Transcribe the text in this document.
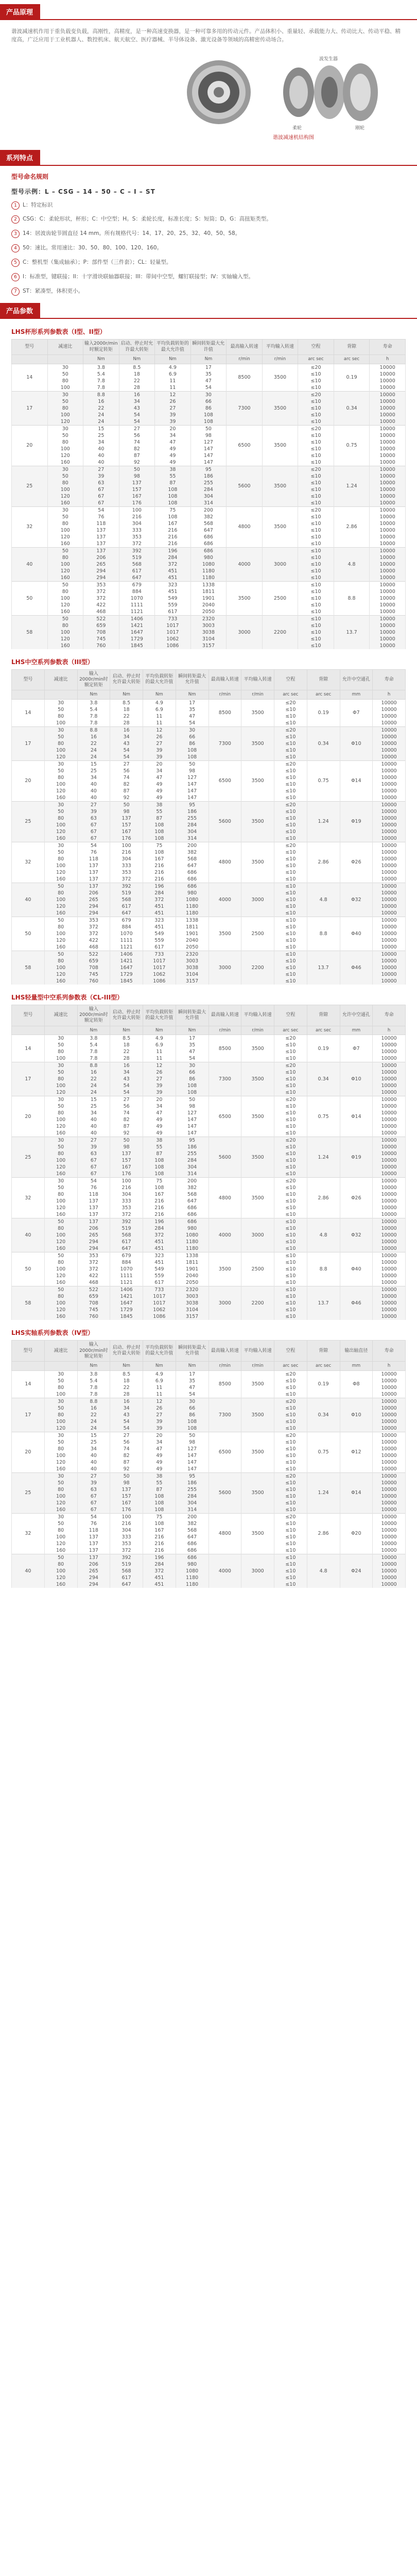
产品原理
谐波减速机作用于重负载变负载，高刚性，高精度，是一种高速变换器，是一种可靠多用的传动元件。产品体积小、重量轻、承载能力大、传动比大、传动平稳、精度高，广泛应用于工业机器人、数控机床、航天航空、医疗器械、半导体设备、激光设备等领域的高精密传动场合。
柔轮
波发生器
刚轮
谐波减速机结构图
系列特点
型号命名规则
型号示例：L – CSG – 14 – 50 – C – I – ST
1 L：特定标识
2 CSG：C：柔轮形状，杯形；C：中空型；H。S：柔轮长度，标准长度；S：短筒；D。G：高扭矩类型。
3 14：居波齿轮节圆直径 14 mm。所有规格代号：14、17、20、25、32、40、50、58。
4 50：速比。常用速比：30、50、80、100、120、160。
5 C：整机型（集成轴承）；P：部件型（三件套）；CL：轻量型。
6 I：标准型，键联接；II：十字滑块联轴器联接；III：带间中空型，螺钉联接型；IV：实轴输入型。
7 ST：紧凑型，体积更小。
产品参数
LHS杯形系列参数表（I型、II型）
型号	减速比	输入2000r/min时额定转矩	启动、停止时允许最大转矩	平均负载转矩的最大允许值	瞬间转矩最大允许值	最高输入转速	平均输入转速	空程	背隙	寿命
		Nm	Nm	Nm	Nm	r/min	r/min	arc sec	arc sec	h
14	30	3.8	8.5	4.9	17	8500	3500	≤20	0.19	10000
	50	5.4	18	6.9	35			≤10		10000
	80	7.8	22	11	47			≤10		10000
	100	7.8	28	11	54			≤10		10000
17	30	8.8	16	12	30	7300	3500	≤20	0.34	10000
	50	16	34	26	66			≤10		10000
	80	22	43	27	86			≤10		10000
	100	24	54	39	108			≤10		10000
	120	24	54	39	108			≤10		10000
20	30	15	27	20	50	6500	3500	≤20	0.75	10000
	50	25	56	34	98			≤10		10000
	80	34	74	47	127			≤10		10000
	100	40	82	49	147			≤10		10000
	120	40	87	49	147			≤10		10000
	160	40	92	49	147			≤10		10000
25	30	27	50	38	95	5600	3500	≤20	1.24	10000
	50	39	98	55	186			≤10		10000
	80	63	137	87	255			≤10		10000
	100	67	157	108	284			≤10		10000
	120	67	167	108	304			≤10		10000
	160	67	176	108	314			≤10		10000
32	30	54	100	75	200	4800	3500	≤20	2.86	10000
	50	76	216	108	382			≤10		10000
	80	118	304	167	568			≤10		10000
	100	137	333	216	647			≤10		10000
	120	137	353	216	686			≤10		10000
	160	137	372	216	686			≤10		10000
40	50	137	392	196	686	4000	3000	≤10	4.8	10000
	80	206	519	284	980			≤10		10000
	100	265	568	372	1080			≤10		10000
	120	294	617	451	1180			≤10		10000
	160	294	647	451	1180			≤10		10000
50	50	353	679	323	1338	3500	2500	≤10	8.8	10000
	80	372	884	451	1811			≤10		10000
	100	372	1070	549	1901			≤10		10000
	120	422	1111	559	2040			≤10		10000
	160	468	1121	617	2050			≤10		10000
58	50	522	1406	733	2320	3000	2200	≤10	13.7	10000
	80	659	1421	1017	3003			≤10		10000
	100	708	1647	1017	3038			≤10		10000
	120	745	1729	1062	3104			≤10		10000
	160	760	1845	1086	3157			≤10		10000
LHS中空系列参数表（III型）
型号	减速比	输入2000r/min时额定转矩	启动、停止时允许最大转矩	平均负载转矩的最大允许值	瞬间转矩最大允许值	最高输入转速	平均输入转速	空程	背隙	允许中空通孔	寿命
		Nm	Nm	Nm	Nm	r/min	r/min	arc sec	arc sec	mm	h
14	30	3.8	8.5	4.9	17	8500	3500	≤20	0.19	Φ7	10000
	50	5.4	18	6.9	35			≤10			10000
	80	7.8	22	11	47			≤10			10000
	100	7.8	28	11	54			≤10			10000
17	30	8.8	16	12	30	7300	3500	≤20	0.34	Φ10	10000
	50	16	34	26	66			≤10			10000
	80	22	43	27	86			≤10			10000
	100	24	54	39	108			≤10			10000
	120	24	54	39	108			≤10			10000
20	30	15	27	20	50	6500	3500	≤20	0.75	Φ14	10000
	50	25	56	34	98			≤10			10000
	80	34	74	47	127			≤10			10000
	100	40	82	49	147			≤10			10000
	120	40	87	49	147			≤10			10000
	160	40	92	49	147			≤10			10000
25	30	27	50	38	95	5600	3500	≤20	1.24	Φ19	10000
	50	39	98	55	186			≤10			10000
	80	63	137	87	255			≤10			10000
	100	67	157	108	284			≤10			10000
	120	67	167	108	304			≤10			10000
	160	67	176	108	314			≤10			10000
32	30	54	100	75	200	4800	3500	≤20	2.86	Φ26	10000
	50	76	216	108	382			≤10			10000
	80	118	304	167	568			≤10			10000
	100	137	333	216	647			≤10			10000
	120	137	353	216	686			≤10			10000
	160	137	372	216	686			≤10			10000
40	50	137	392	196	686	4000	3000	≤10	4.8	Φ32	10000
	80	206	519	284	980			≤10			10000
	100	265	568	372	1080			≤10			10000
	120	294	617	451	1180			≤10			10000
	160	294	647	451	1180			≤10			10000
50	50	353	679	323	1338	3500	2500	≤10	8.8	Φ40	10000
	80	372	884	451	1811			≤10			10000
	100	372	1070	549	1901			≤10			10000
	120	422	1111	559	2040			≤10			10000
	160	468	1121	617	2050			≤10			10000
58	50	522	1406	733	2320	3000	2200	≤10	13.7	Φ46	10000
	80	659	1421	1017	3003			≤10			10000
	100	708	1647	1017	3038			≤10			10000
	120	745	1729	1062	3104			≤10			10000
	160	760	1845	1086	3157			≤10			10000
LHS轻量型中空系列参数表（CL-III型）
型号	减速比	输入2000r/min时额定转矩	启动、停止时允许最大转矩	平均负载转矩的最大允许值	瞬间转矩最大允许值	最高输入转速	平均输入转速	空程	背隙	允许中空通孔	寿命
		Nm	Nm	Nm	Nm	r/min	r/min	arc sec	arc sec	mm	h
14	30	3.8	8.5	4.9	17	8500	3500	≤20	0.19	Φ7	10000
	50	5.4	18	6.9	35			≤10			10000
	80	7.8	22	11	47			≤10			10000
	100	7.8	28	11	54			≤10			10000
17	30	8.8	16	12	30	7300	3500	≤20	0.34	Φ10	10000
	50	16	34	26	66			≤10			10000
	80	22	43	27	86			≤10			10000
	100	24	54	39	108			≤10			10000
	120	24	54	39	108			≤10			10000
20	30	15	27	20	50	6500	3500	≤20	0.75	Φ14	10000
	50	25	56	34	98			≤10			10000
	80	34	74	47	127			≤10			10000
	100	40	82	49	147			≤10			10000
	120	40	87	49	147			≤10			10000
	160	40	92	49	147			≤10			10000
25	30	27	50	38	95	5600	3500	≤20	1.24	Φ19	10000
	50	39	98	55	186			≤10			10000
	80	63	137	87	255			≤10			10000
	100	67	157	108	284			≤10			10000
	120	67	167	108	304			≤10			10000
	160	67	176	108	314			≤10			10000
32	30	54	100	75	200	4800	3500	≤20	2.86	Φ26	10000
	50	76	216	108	382			≤10			10000
	80	118	304	167	568			≤10			10000
	100	137	333	216	647			≤10			10000
	120	137	353	216	686			≤10			10000
	160	137	372	216	686			≤10			10000
40	50	137	392	196	686	4000	3000	≤10	4.8	Φ32	10000
	80	206	519	284	980			≤10			10000
	100	265	568	372	1080			≤10			10000
	120	294	617	451	1180			≤10			10000
	160	294	647	451	1180			≤10			10000
50	50	353	679	323	1338	3500	2500	≤10	8.8	Φ40	10000
	80	372	884	451	1811			≤10			10000
	100	372	1070	549	1901			≤10			10000
	120	422	1111	559	2040			≤10			10000
	160	468	1121	617	2050			≤10			10000
58	50	522	1406	733	2320	3000	2200	≤10	13.7	Φ46	10000
	80	659	1421	1017	3003			≤10			10000
	100	708	1647	1017	3038			≤10			10000
	120	745	1729	1062	3104			≤10			10000
	160	760	1845	1086	3157			≤10			10000
LHS实轴系列参数表（IV型）
型号	减速比	输入2000r/min时额定转矩	启动、停止时允许最大转矩	平均负载转矩的最大允许值	瞬间转矩最大允许值	最高输入转速	平均输入转速	空程	背隙	输出轴直径	寿命
		Nm	Nm	Nm	Nm	r/min	r/min	arc sec	arc sec	mm	h
14	30	3.8	8.5	4.9	17	8500	3500	≤20	0.19	Φ8	10000
	50	5.4	18	6.9	35			≤10			10000
	80	7.8	22	11	47			≤10			10000
	100	7.8	28	11	54			≤10			10000
17	30	8.8	16	12	30	7300	3500	≤20	0.34	Φ10	10000
	50	16	34	26	66			≤10			10000
	80	22	43	27	86			≤10			10000
	100	24	54	39	108			≤10			10000
	120	24	54	39	108			≤10			10000
20	30	15	27	20	50	6500	3500	≤20	0.75	Φ12	10000
	50	25	56	34	98			≤10			10000
	80	34	74	47	127			≤10			10000
	100	40	82	49	147			≤10			10000
	120	40	87	49	147			≤10			10000
	160	40	92	49	147			≤10			10000
25	30	27	50	38	95	5600	3500	≤20	1.24	Φ14	10000
	50	39	98	55	186			≤10			10000
	80	63	137	87	255			≤10			10000
	100	67	157	108	284			≤10			10000
	120	67	167	108	304			≤10			10000
	160	67	176	108	314			≤10			10000
32	30	54	100	75	200	4800	3500	≤20	2.86	Φ20	10000
	50	76	216	108	382			≤10			10000
	80	118	304	167	568			≤10			10000
	100	137	333	216	647			≤10			10000
	120	137	353	216	686			≤10			10000
	160	137	372	216	686			≤10			10000
40	50	137	392	196	686	4000	3000	≤10	4.8	Φ24	10000
	80	206	519	284	980			≤10			10000
	100	265	568	372	1080			≤10			10000
	120	294	617	451	1180			≤10			10000
	160	294	647	451	1180			≤10			10000
